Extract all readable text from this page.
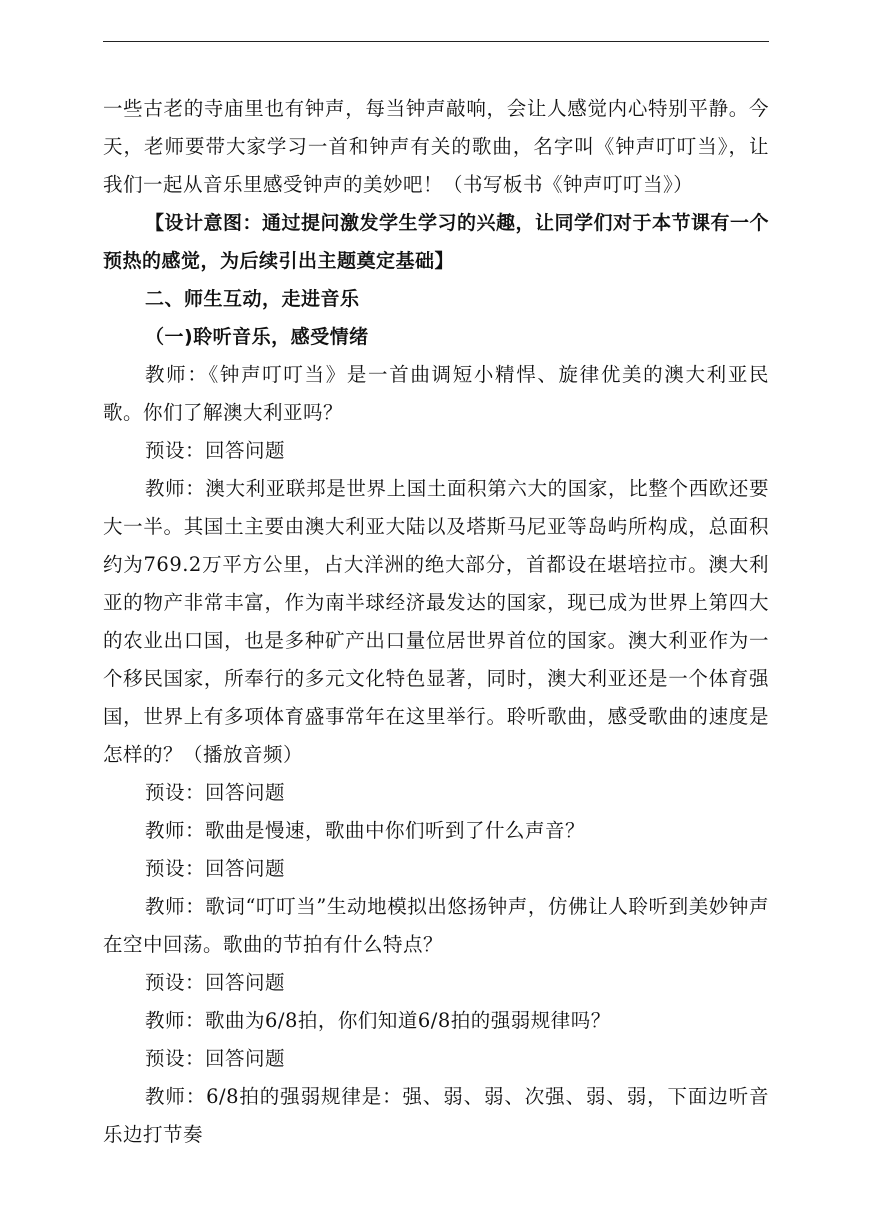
一些古老的寺庙里也有钟声，每当钟声敲响，会让人感觉内心特别平静。今天，老师要带大家学习一首和钟声有关的歌曲，名字叫《钟声叮叮当》，让我们一起从音乐里感受钟声的美妙吧！（书写板书《钟声叮叮当》）

【设计意图：通过提问激发学生学习的兴趣，让同学们对于本节课有一个预热的感觉，为后续引出主题奠定基础】

二、师生互动，走进音乐

（一)聆听音乐，感受情绪

教师：《钟声叮叮当》是一首曲调短小精悍、旋律优美的澳大利亚民歌。你们了解澳大利亚吗？

预设：回答问题

教师：澳大利亚联邦是世界上国土面积第六大的国家，比整个西欧还要大一半。其国土主要由澳大利亚大陆以及塔斯马尼亚等岛屿所构成，总面积约为769.2万平方公里，占大洋洲的绝大部分，首都设在堪培拉市。澳大利亚的物产非常丰富，作为南半球经济最发达的国家，现已成为世界上第四大的农业出口国，也是多种矿产出口量位居世界首位的国家。澳大利亚作为一个移民国家，所奉行的多元文化特色显著，同时，澳大利亚还是一个体育强国，世界上有多项体育盛事常年在这里举行。聆听歌曲，感受歌曲的速度是怎样的？（播放音频）

预设：回答问题

教师：歌曲是慢速，歌曲中你们听到了什么声音？

预设：回答问题

教师：歌词“叮叮当”生动地模拟出悠扬钟声，仿佛让人聆听到美妙钟声在空中回荡。歌曲的节拍有什么特点？

预设：回答问题

教师：歌曲为6/8拍，你们知道6/8拍的强弱规律吗？

预设：回答问题

教师：6/8拍的强弱规律是：强、弱、弱、次强、弱、弱，下面边听音乐边打节奏
